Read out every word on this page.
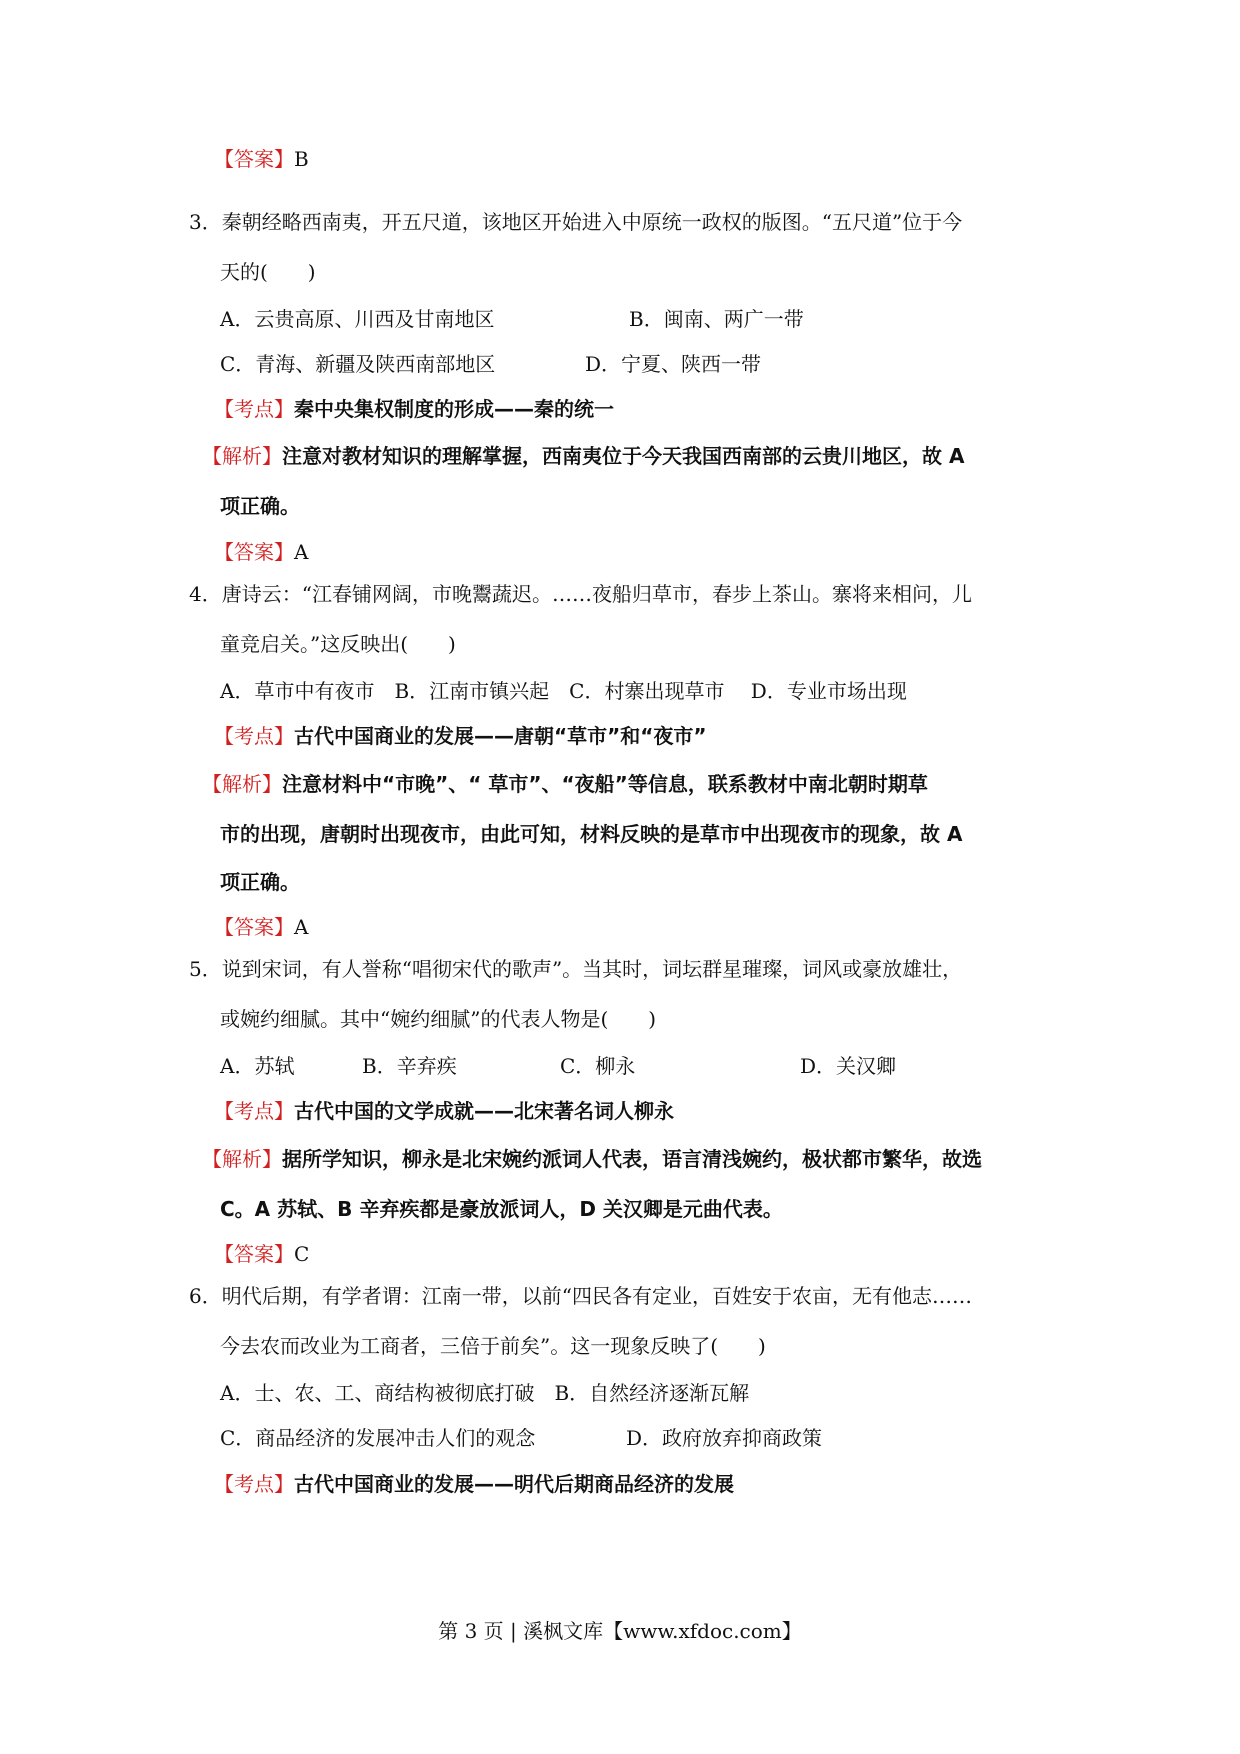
【答案】B
3．秦朝经略西南夷，开五尺道，该地区开始进入中原统一政权的版图。“五尺道”位于今
天的(　　)
A．云贵高原、川西及甘南地区	B．闽南、两广一带
C．青海、新疆及陕西南部地区	D．宁夏、陕西一带
【考点】秦中央集权制度的形成——秦的统一
【解析】注意对教材知识的理解掌握，西南夷位于今天我国西南部的云贵川地区，故 A
项正确。
【答案】A
4．唐诗云：“江春铺网阔，市晚鬻蔬迟。……夜船归草市，春步上茶山。寨将来相问，儿
童竞启关。”这反映出(　　)
A．草市中有夜市　B．江南市镇兴起　C．村寨出现草市　 D．专业市场出现
【考点】古代中国商业的发展——唐朝“草市”和“夜市”
【解析】注意材料中“市晚”、“ 草市”、“夜船”等信息，联系教材中南北朝时期草
市的出现，唐朝时出现夜市，由此可知，材料反映的是草市中出现夜市的现象，故 A
项正确。
【答案】A
5．说到宋词，有人誉称“唱彻宋代的歌声”。当其时，词坛群星璀璨，词风或豪放雄壮，
或婉约细腻。其中“婉约细腻”的代表人物是(　　)
A．苏轼	B．辛弃疾	C．柳永	D．关汉卿
【考点】古代中国的文学成就——北宋著名词人柳永
【解析】据所学知识，柳永是北宋婉约派词人代表，语言清浅婉约，极状都市繁华，故选
C。A 苏轼、B 辛弃疾都是豪放派词人，D 关汉卿是元曲代表。
【答案】C
6．明代后期，有学者谓：江南一带，以前“四民各有定业，百姓安于农亩，无有他志……
今去农而改业为工商者，三倍于前矣”。这一现象反映了(　　)
A．士、农、工、商结构被彻底打破　B．自然经济逐渐瓦解
C．商品经济的发展冲击人们的观念	D．政府放弃抑商政策
【考点】古代中国商业的发展——明代后期商品经济的发展
第 3 页 | 溪枫文库【www.xfdoc.com】
